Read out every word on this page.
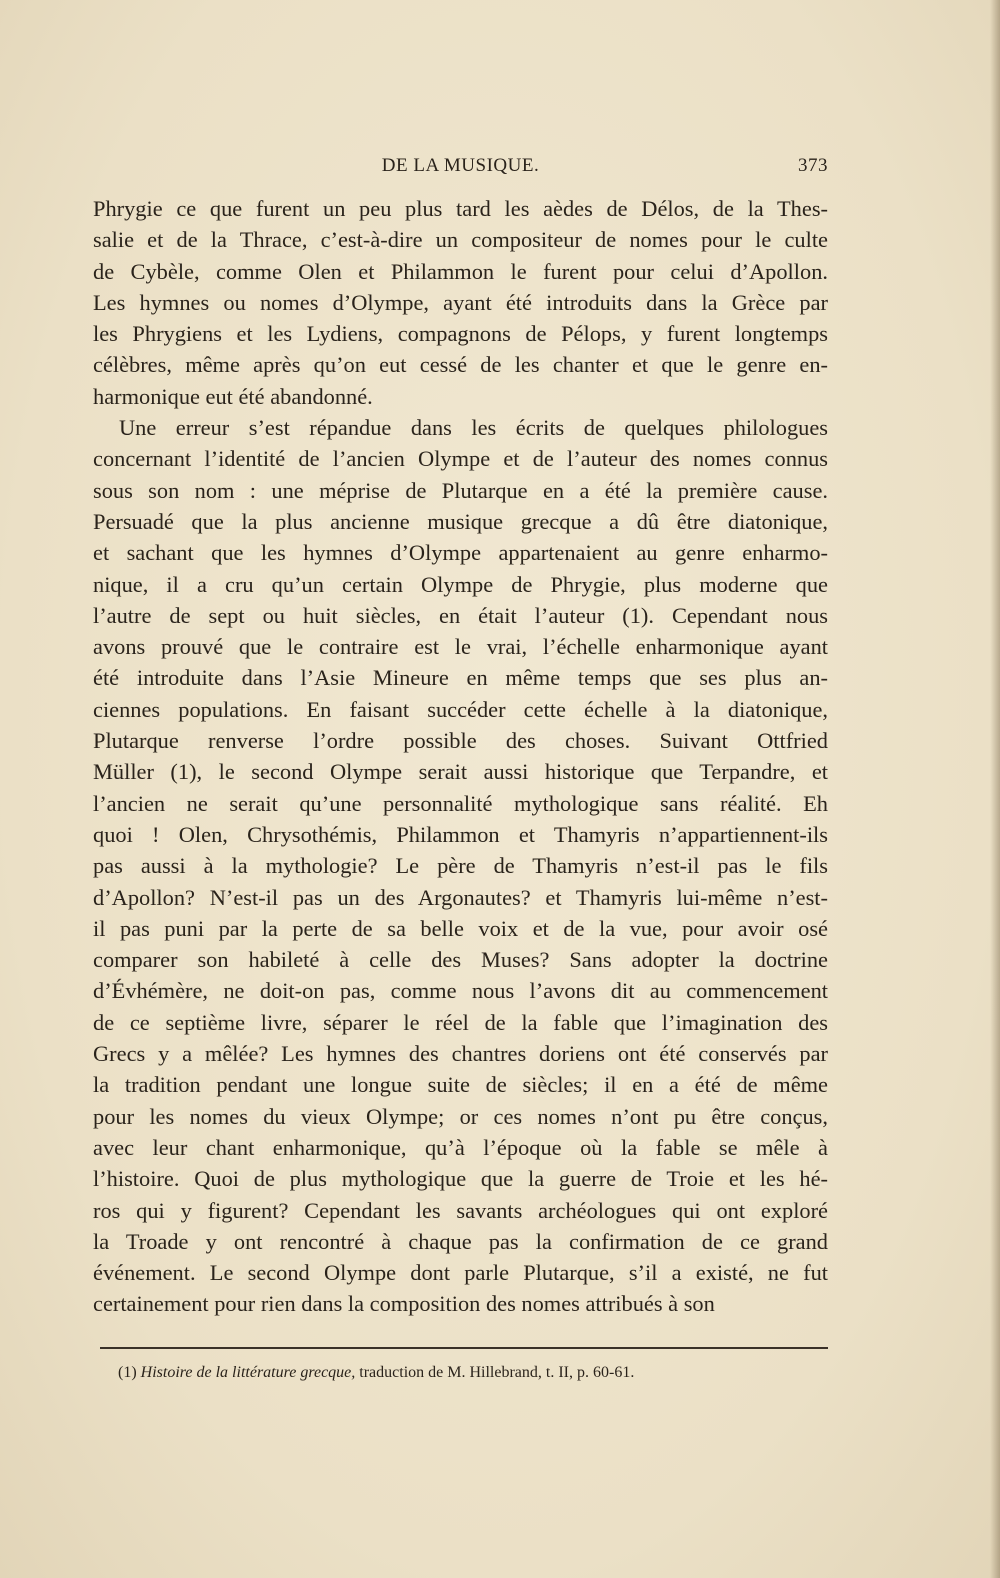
DE LA MUSIQUE.	373
Phrygie ce que furent un peu plus tard les aèdes de Délos, de la Thes-
salie et de la Thrace, c’est-à-dire un compositeur de nomes pour le culte
de Cybèle, comme Olen et Philammon le furent pour celui d’Apollon.
Les hymnes ou nomes d’Olympe, ayant été introduits dans la Grèce par
les Phrygiens et les Lydiens, compagnons de Pélops, y furent longtemps
célèbres, même après qu’on eut cessé de les chanter et que le genre en-
harmonique eut été abandonné.
Une erreur s’est répandue dans les écrits de quelques philologues
concernant l’identité de l’ancien Olympe et de l’auteur des nomes connus
sous son nom : une méprise de Plutarque en a été la première cause.
Persuadé que la plus ancienne musique grecque a dû être diatonique,
et sachant que les hymnes d’Olympe appartenaient au genre enharmo-
nique, il a cru qu’un certain Olympe de Phrygie, plus moderne que
l’autre de sept ou huit siècles, en était l’auteur (1). Cependant nous
avons prouvé que le contraire est le vrai, l’échelle enharmonique ayant
été introduite dans l’Asie Mineure en même temps que ses plus an-
ciennes populations. En faisant succéder cette échelle à la diatonique,
Plutarque renverse l’ordre possible des choses. Suivant Ottfried
Müller (1), le second Olympe serait aussi historique que Terpandre, et
l’ancien ne serait qu’une personnalité mythologique sans réalité. Eh
quoi ! Olen, Chrysothémis, Philammon et Thamyris n’appartiennent-ils
pas aussi à la mythologie? Le père de Thamyris n’est-il pas le fils
d’Apollon? N’est-il pas un des Argonautes? et Thamyris lui-même n’est-
il pas puni par la perte de sa belle voix et de la vue, pour avoir osé
comparer son habileté à celle des Muses? Sans adopter la doctrine
d’Évhémère, ne doit-on pas, comme nous l’avons dit au commencement
de ce septième livre, séparer le réel de la fable que l’imagination des
Grecs y a mêlée? Les hymnes des chantres doriens ont été conservés par
la tradition pendant une longue suite de siècles; il en a été de même
pour les nomes du vieux Olympe; or ces nomes n’ont pu être conçus,
avec leur chant enharmonique, qu’à l’époque où la fable se mêle à
l’histoire. Quoi de plus mythologique que la guerre de Troie et les hé-
ros qui y figurent? Cependant les savants archéologues qui ont exploré
la Troade y ont rencontré à chaque pas la confirmation de ce grand
événement. Le second Olympe dont parle Plutarque, s’il a existé, ne fut
certainement pour rien dans la composition des nomes attribués à son
(1) Histoire de la littérature grecque, traduction de M. Hillebrand, t. II, p. 60-61.
